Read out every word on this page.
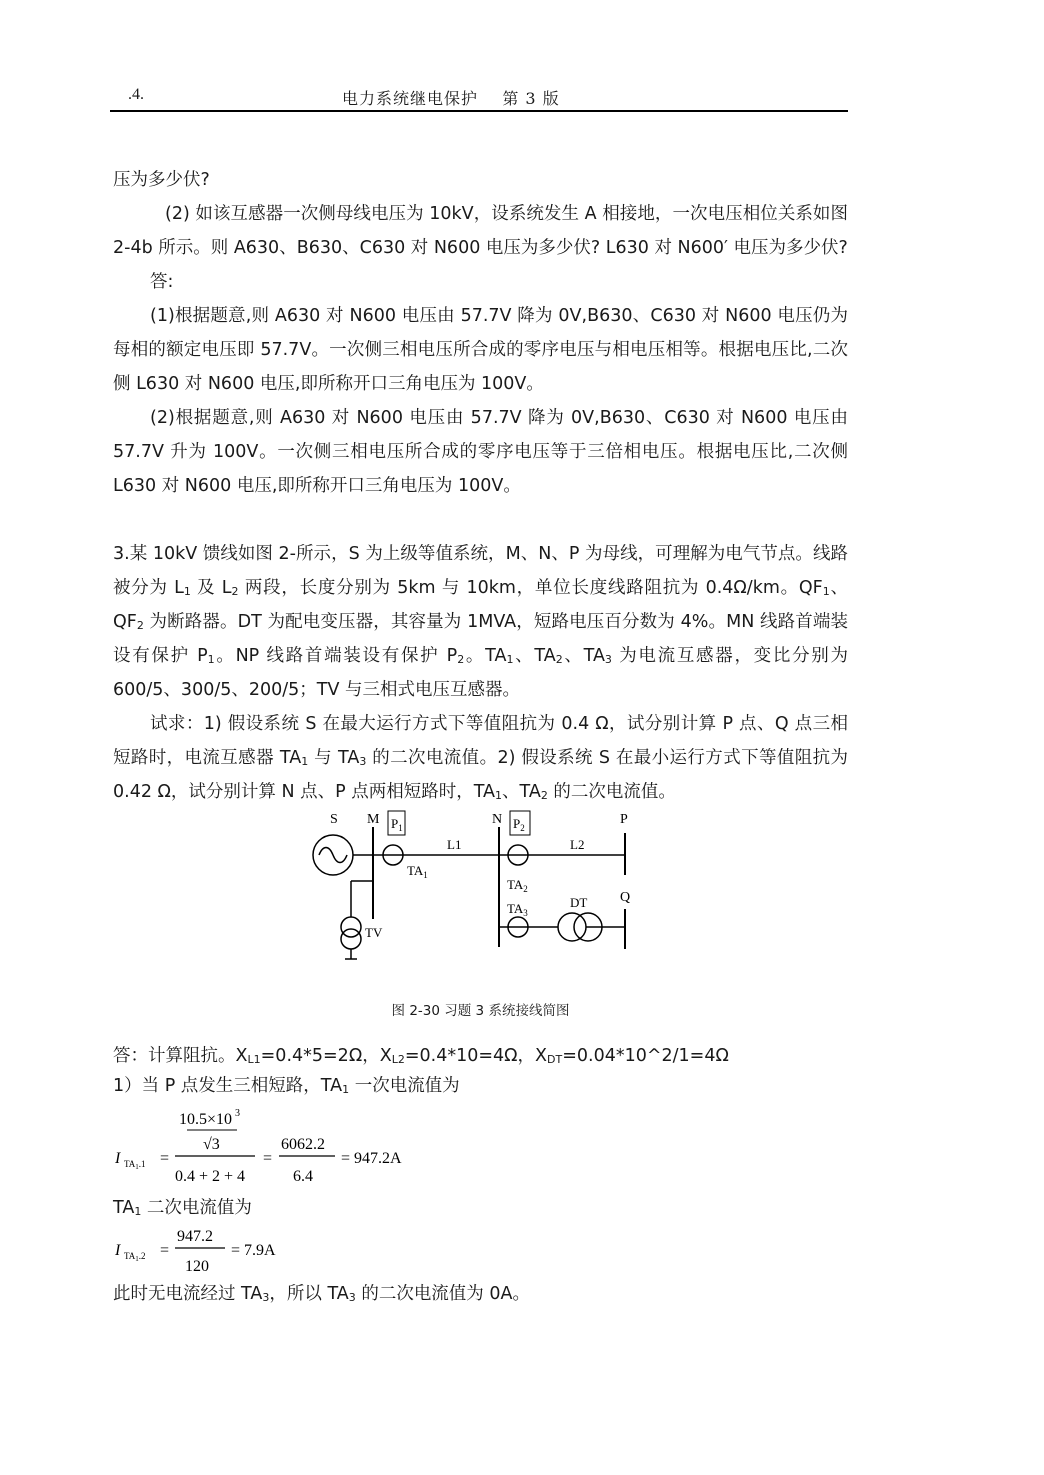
.4.	电力系统继电保护    第 3 版

压为多少伏?

(2) 如该互感器一次侧母线电压为 10kV，设系统发生 A 相接地，一次电压相位关系如图 2-4b 所示。则 A630、B630、C630 对 N600 电压为多少伏? L630 对 N600′ 电压为多少伏?

答:

(1)根据题意,则 A630 对 N600 电压由 57.7V 降为 0V,B630、C630 对 N600 电压仍为每相的额定电压即 57.7V。一次侧三相电压所合成的零序电压与相电压相等。根据电压比,二次侧 L630 对 N600 电压,即所称开口三角电压为 100V。

(2)根据题意,则 A630 对 N600 电压由 57.7V 降为 0V,B630、C630 对 N600 电压由 57.7V 升为 100V。一次侧三相电压所合成的零序电压等于三倍相电压。根据电压比,二次侧 L630 对 N600 电压,即所称开口三角电压为 100V。

3.某 10kV 馈线如图 2-所示，S 为上级等值系统，M、N、P 为母线，可理解为电气节点。线路被分为 $L_1$ 及 $L_2$ 两段，长度分别为 5km 与 10km，单位长度线路阻抗为 0.4Ω/km。$QF_1$、$QF_2$ 为断路器。DT 为配电变压器，其容量为 1MVA，短路电压百分数为 4%。MN 线路首端装设有保护 $P_1$。NP 线路首端装设有保护 $P_2$。$TA_1$、$TA_2$、$TA_3$ 为电流互感器，变比分别为 600/5、300/5、200/5；TV 与三相式电压互感器。

试求：1) 假设系统 S 在最大运行方式下等值阻抗为 0.4 Ω，试分别计算 P 点、Q 点三相短路时，电流互感器 $TA_1$ 与 $TA_3$ 的二次电流值。2) 假设系统 S 在最小运行方式下等值阻抗为 0.42 Ω，试分别计算 N 点、P 点两相短路时，$TA_1$、$TA_2$ 的二次电流值。

S M $P_1$
N $P_2$
P
L1	L2
$TA_1$
$TA_2$
$TA_3$
DT Q
TV

图 2-30 习题 3 系统接线简图

答：计算阻抗。$X_{L1}=0.4*5=2\Omega$，$X_{L2}=0.4*10=4\Omega$，$X_{DT}=0.04*10\^{}2/1=4\Omega$

1）当 P 点发生三相短路，$TA_1$ 一次电流值为

I $TA_1.1$ =
10.5×10 3
√3
0.4 + 2 + 4
=
6062.2
6.4
= 947.2A

$TA_1$ 二次电流值为

I $TA_1.2$ =
947.2
120
= 7.9A

此时无电流经过 $TA_3$，所以 $TA_3$ 的二次电流值为 0A。
